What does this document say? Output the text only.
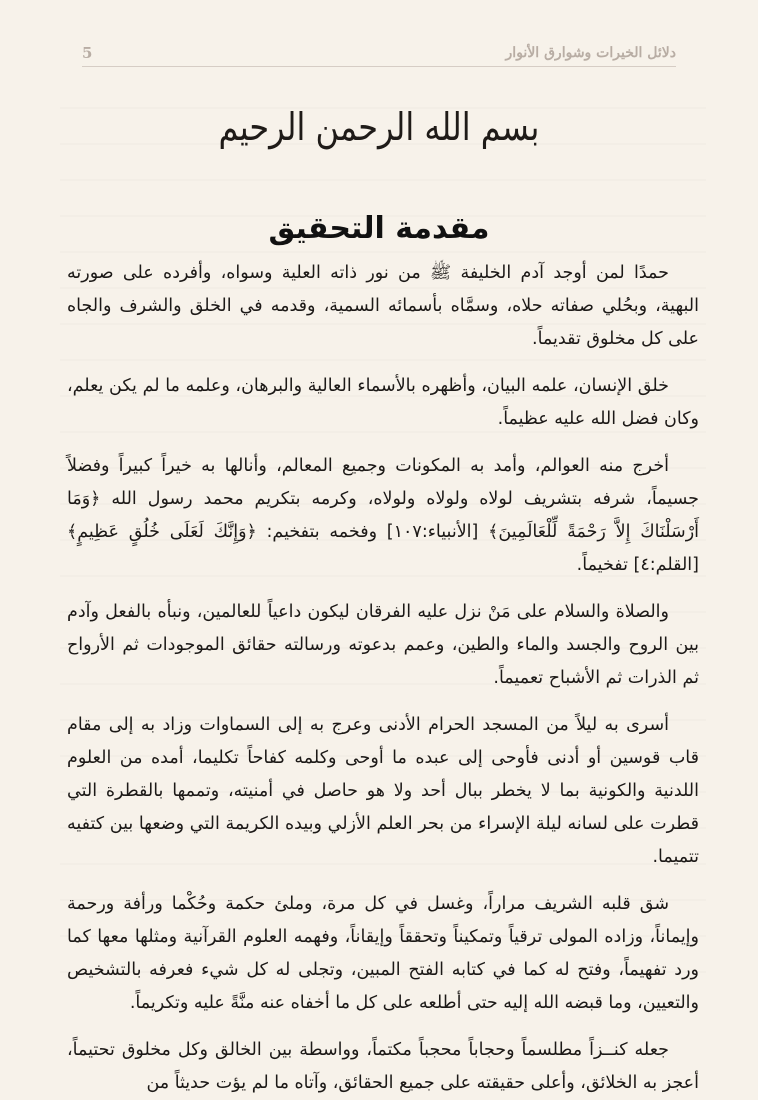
دلائل الخيرات وشوارق الأنوار
5
بسم الله الرحمن الرحيم
مقدمة التحقيق

حمدًا لمن أوجد آدم الخليفة ﷺ من نور ذاته العلية وسواه، وأفرده على صورته البهية، وبحُلي صفاته حلاه، وسمَّاه بأسمائه السمية، وقدمه في الخلق والشرف والجاه على كل مخلوق تقديماً.

خلق الإنسان، علمه البيان، وأظهره بالأسماء العالية والبرهان، وعلمه ما لم يكن يعلم، وكان فضل الله عليه عظيماً.

أخرج منه العوالم، وأمد به المكونات وجميع المعالم، وأنالها به خيراً كبيراً وفضلاً جسيماً، شرفه بتشريف لولاه ولولاه ولولاه، وكرمه بتكريم محمد رسول الله ﴿وَمَا أَرْسَلْنَاكَ إِلاَّ رَحْمَةً لِّلْعَالَمِينَ﴾ [الأنبياء:١٠٧] وفخمه بتفخيم: ﴿وَإِنَّكَ لَعَلَى خُلُقٍ عَظِيمٍ﴾ [القلم:٤] تفخيماً.

والصلاة والسلام على مَنْ نزل عليه الفرقان ليكون داعياً للعالمين، ونبأه بالفعل وآدم بين الروح والجسد والماء والطين، وعمم بدعوته ورسالته حقائق الموجودات ثم الأرواح ثم الذرات ثم الأشباح تعميماً.

أسرى به ليلاً من المسجد الحرام الأدنى وعرج به إلى السماوات وزاد به إلى مقام قاب قوسين أو أدنى فأوحى إلى عبده ما أوحى وكلمه كفاحاً تكليما، أمده من العلوم اللدنية والكونية بما لا يخطر ببال أحد ولا هو حاصل في أمنيته، وتممها بالقطرة التي قطرت على لسانه ليلة الإسراء من بحر العلم الأزلي وبيده الكريمة التي وضعها بين كتفيه تتميما.

شق قلبه الشريف مراراً، وغسل في كل مرة، وملئ حكمة وحُكْما ورأفة ورحمة وإيماناً، وزاده المولى ترقياً وتمكيناً وتحققاً وإيقاناً، وفهمه العلوم القرآنية ومثلها معها كما ورد تفهيماً، وفتح له كما في كتابه الفتح المبين، وتجلى له كل شيء فعرفه بالتشخيص والتعيين، وما قبضه الله إليه حتى أطلعه على كل ما أخفاه عنه منَّةً عليه وتكريماً.

جعله كنــزاً مطلسماً وحجاباً محجباً مكتماً، وواسطة بين الخالق وكل مخلوق تحتيماً، أعجز به الخلائق، وأعلى حقيقته على جميع الحقائق، وآتاه ما لم يؤت حديثاً من
